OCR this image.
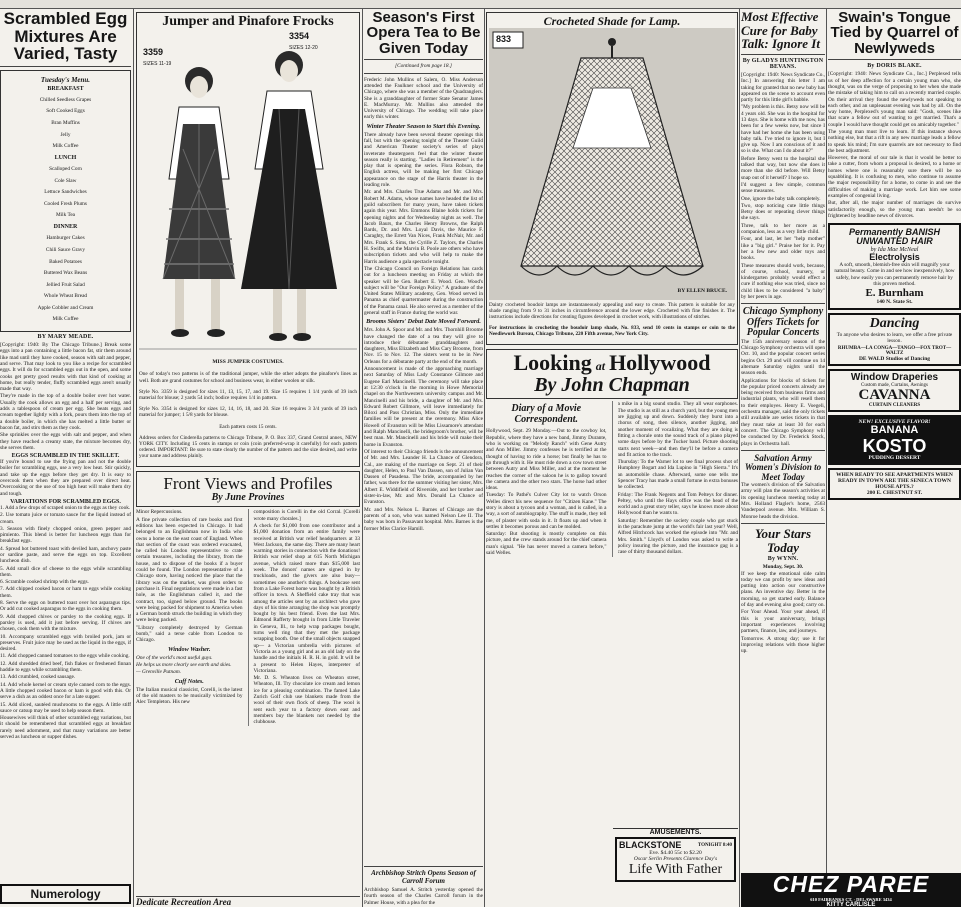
Scrambled Egg Mixtures Are Varied, Tasty
Tuesday's Menu.
BREAKFAST

Chilled Seedless Grapes

Soft Cooked Eggs

Bran Muffins

Jelly

Milk Coffee

LUNCH

Scalloped Corn

Cole Slaw

Lettuce Sandwiches

Cooled Fresh Plums

Milk Tea

DINNER

Hamburger Cakes

Chili Sauce Gravy

Baked Potatoes

Buttered Wax Beans

Jellied Fruit Salad

Whole Wheat Bread

Apple Cobbler and Cream

Milk Coffee

BY MARY MEADE.

[Copyright: 1940: By The Chicago Tribune.] Break some eggs into a pan containing a little bacon fat, stir them around like mad until they have cooked, season with salt and pepper, and serve. That may look to you like a recipe for scrambled eggs. It will do for scrambled eggs out in the open, and some cooks get pretty good results with that kind of cooking at home, but really tender, fluffy scrambled eggs aren't usually made that way.

They're made in the top of a double boiler over hot water. Usually the cook allows an egg and a half per serving, and adds a tablespoon of cream per egg. She beats eggs and cream together lightly with a fork, pours them into the top of a double boiler, in which she has melted a little butter or bacon fat, and stirs them as they cook.

She sprinkles over the eggs with salt and pepper, and when they have reached a creamy state, the mixture becomes dry, she serves them.

EGGS SCRAMBLED IN THE SKILLET.

If you're bound to use the frying pan and not the double boiler for scrambling eggs, use a very low heat. Stir quickly, and take up the eggs before they get dry. It is easy to overcook them when they are prepared over direct heat. Overcooking or the use of too high heat will make them dry and tough.

VARIATIONS FOR SCRAMBLED EGGS.

1. Add a few drops of scraped onion to the eggs as they cook.

2. Use tomato juice or tomato sauce for the liquid instead of cream.

3. Season with finely chopped onion, green pepper and pimiento. This blend is better for luncheon eggs than for breakfast eggs.

4. Spread hot buttered toast with deviled ham, anchovy paste or sardine paste, and serve the eggs on top. Excellent luncheon dish.

5. Add small dice of cheese to the eggs while scrambling them.

6. Scramble cooked shrimp with the eggs.

7. Add chipped cooked bacon or ham to eggs while cooking them.

8. Serve the eggs on buttered toast over hot asparagus tips. Or add cut cooked asparagus to the eggs in cooking them.

9. Add chopped chives or parsley to the cooking eggs. If parsley is used, add it just before serving. If chives are chosen, cook them with the mixture.

10. Accompany scrambled eggs with broiled pork, jam or preserves. Fruit juice may be used as the liquid in the eggs, if desired.

11. Add chopped canned tomatoes to the eggs while cooking.

12. Add shredded dried beef, fish flakes or freshened finnan haddie to eggs while scrambling them.

13. Add crumbled, cooked sausage.

14. Add whole kernel or cream style canned corn to the eggs. A little chopped cooked bacon or ham is good with this. Or serve a dish as an oddest once for a late supper.

15. Add sliced, sautéed mushrooms to the eggs. A little stiff sauce or catsup may be used to help season them.

Housewives will think of other scrambled egg variations, but it should be remembered that scrambled eggs at breakfast rarely need adornment, and that many variations are better served as luncheon or supper dishes.

Numerology
Jumper and Pinafore Frocks
3354
SIZES 12-20
3359
SIZES 11-19
MISS JUMPER COSTUMES.

One of today's two patterns is of the traditional jumper, while the other adopts the pinafore's lines as well. Both are grand costumes for school and business wear, in either woolen or silk.

Style No. 3359 is designed for sizes 11, 13, 15, 17, and 19. Size 15 requires 1 1/4 yards of 39 inch material for blouse; 2 yards 54 inch; bodice requires 1/4 in pattern.

Style No. 3354 is designed for sizes 12, 14, 16, 18, and 20. Size 16 requires 3 3/4 yards of 39 inch material for jumper; 1 5/8 yards for blouse.

Each pattern costs 15 cents.

Address orders for Cinderella patterns to Chicago Tribune, P. O. Box 337, Grand Central annex, NEW YORK CITY. Including 15 cents in stamps or coin (coin preferred-wrap it carefully) for each pattern ordered. IMPORTANT: Be sure to state clearly the number of the pattern and the size desired, and write your name and address plainly.

Front Views and Profiles
By June Provines

Minor Repercussions.

A fine private collection of rare books and first editions has been expected in Chicago. It had belonged to an Englishman now in India who owns a home on the east coast of England. When that section of the coast was ordered evacuated, he called his London representative to crate certain treasures, including the library, from the house, and to dispose of the books if a buyer could be found. The London representative of a Chicago store, having noticed the place that the library was on the market, was given orders to purchase it. Final negotiations were made in a fast hole, as the Englishman called it, and the contract, too, signed below ground. The books were being packed for shipment to America when a German bomb struck the building in which they were being packed.

"Library completely destroyed by German bomb," said a terse cable from London to Chicago.

Window Washer.

One of the world's most useful guys.

He helps us more clearly see earth and skies.

— Grenville Putnam.

Cuff Notes.

The Italian musical classicist, Corelli, is the latest of the old masters to be musically victimized by Alec Templeton. His new

composition is Corelli in the old Corral. [Corelli wrote many chorales.]

A check for $1,000 from one contributor and a $1,000 donation from an entire family were received at British war relief headquarters at 33 West Jackson, the same day. There are many heart warming stories in connection with the donations! British war relief shop at 615 North Michigan avenue, which raised more than $15,000 last week. The donors' names are signed in by truckloads, and the givers are also busy—sometimes one another's things. A bookcase sent from a Lake Forest home was bought by a British officer in town. A Sheffield cake tray that was among the articles sent by an architect who gave days of his time arranging the shop was promptly bought by his best friend. Even the last Mrs. Edmond Rafferty brought in from Little Traveler in Geneva, Ill., to help wrap packages bought, turns well ring that they met the package wrapping booth. One of the small objects snapped up— a Victorian umbrella with pictures of Victoria as a young girl and as an old lady on the handle and the initials H. R. H. in gold. It will be a present to Helen Hayes, interpreter of Victoriana.

Mr. D. S. Wheaton lives on Wheaton street, Wheaton, Ill. Try chocolate ice cream and lemon ice for a pleasing combination. The famed Lake Zurich Golf club use blankets made from the wool of their own flock of sheep. The wool is sent each year to a factory down east and members buy the blankets not needed by the clubhouse.

Dedicate Recreation Area
Season's First Opera Tea to Be Given Today
[Continued from page 18.]

Frederic John Mullins of Salem, O. Miss Anderson attended the Faulkner school and the University of Chicago, where she was a member of the Quadranglers. She is a granddaughter of former State Senator James E. MacMurray. Mr. Mullins also attended the University of Chicago. The wedding will take place early this winter.

Winter Theater Season to Start this Evening.

There already have been several theater openings this fall, but with the opening tonight of the Theater Guild and American Theater society's series of plays inveterate theatergoers feel that the winter theater season really is starting. "Ladies in Retirement" is the play that is opening the series. Flora Robson, the English actress, will be making her first Chicago appearance on the stage of the Harris theater in the leading role.

Mr. and Mrs. Charles True Adams and Mr. and Mrs. Robert M. Adams, whose names have headed the list of guild subscribers for many years, have taken tickets again this year. Mrs. Emmons Blaine holds tickets for opening nights and for Wednesday nights as well. The Jacob Baurs, the Charles Henry Browns, the Ralph Bards, Dr. and Mrs. Loyal Davis, the Maurice F. Caraghty, the Errett Van Nices, Frank McNair, Mr. and Mrs. Frank S. Sims, the Cyrille Z. Taylors, the Charles H. Swifts, and the Marvin B. Poole are others who have subscription tickets and who will help to make the Harris audience a gala spectacle tonight.

The Chicago Council on Foreign Relations has cards out for a luncheon meeting on Friday at which the speaker will be Gen. Robert E. Wood. Gen. Wood's subject will be "Our Foreign Policy." A graduate of the United States Military academy, Gen. Wood served in Panama as chief quartermaster during the construction of the Panama canal. He also served as a member of the general staff in France during the world war.

Brooms Sisters' Debut Date Moved Forward.

Mrs. John A. Spoor and Mr. and Mrs. Thornhill Broome have changed the date of a tea they will give to introduce their débutante granddaughters and daughters, Miss Elizabeth and Miss Cary Broome, from Nov. 15 to Nov. 12. The sisters went to be in New Orleans for a débutante party at the end of the month.

Announcement is made of the approaching marriage next Saturday of Miss Lady Constance Gilmore and Eugene Earl Mancinelli. The ceremony will take place at 12:30 o'clock in the morning in Howe Memorial chapel on the Northwestern university campus and Mr. Mancinelli and his bride, a daughter of Mr. and Mrs. Edward Robert Gillmore, will leave immediately for Biloxi and Pass Christian, Miss. Only the immediate families will be present at the ceremony. Miss Alice Howell of Evanston will be Miss Lissamore's attendant and Ralph Mancinelli, the bridegroom's brother, will be best man. Mr. Mancinelli and his bride will make their home in Evanston.

Of interest to their Chicago friends is the announcement of Mr. and Mrs. Leander H. La Chance of Glendora, Cal., are making of the marriage on Sept. 21 of their daughter, Helen, to Paul Van Dassen, son of Julian Van Dassen of Pasadena. The bride, accompanied by her father, was there for the summer visiting her sister, Mrs. Albert E. Widdifield of Riverside, and her brother and sister-in-law, Mr. and Mrs. Donald La Chance of Evanston.

Mr. and Mrs. Nelson L. Barnes of Chicago are the parents of a son, who was named Nelson Lee II. The baby was born in Passavant hospital. Mrs. Barnes is the former Miss Clarice Hamill.

Archbishop Stritch Opens Season of Carroll Forum

Archbishop Samuel A. Stritch yesterday opened the fourth season of the Charles Carroll forum in the Palmer House, with a plea for the

Crocheted Shade for Lamp.
833
BY ELLEN BRUCE.

Dainty crocheted boudoir lamps are instantaneously appealing and easy to create. This pattern is suitable for any shade ranging from 9 to 31 inches in circumference around the lower edge. Crocheted with fine finishes it. The instructions include directions for creating figures developed in crochet work, with illustrations of stitches.

For instructions in crocheting the boudoir lamp shade, No. 833, send 10 cents in stamps or coin to the Needlework Bureau, Chicago Tribune, 220 Fifth avenue, New York City.

Looking at Hollywood
By John Chapman
Diary of a Movie Correspondent.

Hollywood, Sept. 29 Monday.—Out to the cowboy lot, Republic, where they have a new band, Jimmy Durante, who is working on "Melody Ranch" with Gene Autry and Ann Miller. Jimmy confesses he is terrified at the thought of having to ride a horse; but finally he has to go through with it. He must ride down a cow town street between Autry and Miss Miller, and at the moment he reaches the corner of the saloon he is to gallop toward the camera and the other two stars. The horse had other ideas.

Tuesday: To Pathé's Culver City lot to watch Orson Welles direct his new sequence for "Citizen Kane." The story is about a tycoon and a woman, and is called, in a way, a sort of autobiography. The stuff is made, they tell me, of plaster with soda in it. It floats up and when it settles it becomes porous and can be molded.

Saturday: But shooting is mostly complete on this picture, and the crew stands around for the chief camera man's signal. "He has never moved a camera before," said Welles.

a mike in a big sound studio. They all wear earphones. The studio is as still as a church yard, but the young men are jigging up and down. Suddenly they burst into a chorus of song, then silence, another jigging, and another moment of vocalizing. What they are doing is fitting a chorale onto the sound track of a piano played some days before by the Tucker band. Picture shooting starts next week—and then they'll be before a camera and fit action to the track.

Thursday: To the Warner lot to see final process shot of Humphrey Bogart and Ida Lupino in "High Sierra." It's an automobile chase. Afterward, some one tells me Spencer Tracy has made a small fortune in extra bonuses he collected.

Friday: The Frank Negents and Tom Pelteys for dinner. Peltey, who until the Hays office was the head of the world and a great story teller, says he knows more about Hollywood than he wants to.

Saturday: Remember the society couple who got stuck in the parachute jump at the world's fair last year? Well, Alfred Hitchcock has worked the episode into "Mr. and Mrs. Smith." Lloyd's of London was asked to write a policy insuring the picture, and the insurance gag is a case of thirty thousand dollars.

AMUSEMENTS.
BLACKSTONE	TONIGHT 8:40
Eve. $4.40 55c to $2.20
Oscar Serlin Presents Clarence Day's
Life With Father
Most Effective Cure for Baby Talk: Ignore It
By GLADYS HUNTINGTON BEVANS.

[Copyright: 1940: News Syndicate Co., Inc.] In answering this letter I am taking for granted that no new baby has appeared on the scene to account even partly for this little girl's babble.

"My problem is this. Betsy now will be 4 years old. She was in the hospital for 13 days. She is home with me now, has been for a few weeks now, but since I have had her home she has been using baby talk. I've tried to ignore it, but I give up. Now I am conscious of it and so is she. What can I do about it?"

Before Betsy went to the hospital she talked that way, but now she does it more than she did before. Will Betsy snap out of it herself? I hope so.

I'd suggest a few simple, common sense measures.

One, ignore the baby talk completely.

Two, stop noticing cute little things Betsy does or repeating clever things she says.

Three, talk to her more as a companion, less as a very little child.

Four, and last, let her "help mother" like a "big girl." Praise her for it. Pay her a few new and older toys and books.

These measures should work, because, of course, school, nursery, or kindergarten probably would effect a cure if nothing else was tried, since no child likes to be considered "a baby" by her peers in age.

Chicago Symphony Offers Tickets for Popular Concerts

The 15th anniversary season of the Chicago Symphony orchestra will open Oct. 10, and the popular concert series begins Oct. 29 and will continue on 14 alternate Saturday nights until the season ends.

Applications for blocks of tickets for the popular priced concerts already are being received from business firms and industrial plants, who will resell them to their employes. Henry E. Voegeli, orchestra manager, said the only tickets still available are series tickets in that they must take at least 30 for each concert. The Chicago Symphony will be conducted by Dr. Frederick Stock, plays in Orchestra hall.

Salvation Army Women's Division to Meet Today

The women's division of the Salvation army will plan the season's activities at its opening luncheon meeting today at Mrs. Holland Flagler's home, 2563 Vanderpool avenue. Mrs. William S. Monroe heads the division.

Your Stars Today
By WYNN.
Monday, Sept. 30.

If we keep the emotional side calm today we can profit by new ideas and putting into action our constructive plans. An inventive day. Better in the morning, so get started early. Balance of day and evening also good; carry on.

For Your Ahead. Your year ahead, if this is your anniversary, brings important experiences involving partners, finance, law, and journeys.

Tomorrow. A strong day; use it for improving relations with those higher up.

Swain's Tongue Tied by Quarrel of Newlyweds
By DORIS BLAKE.

[Copyright: 1940: News Syndicate Co., Inc.] Perplexed tells us of her deep affection for a certain young man who, she thought, was on the verge of proposing to her when she made the mistake of taking him to call on a recently married couple. On their arrival they found the newlyweds not speaking to each other, and an unpleasant evening was had by all. On the way home, Perplexed's young man said: "Gosh, scenes like that scare a fellow out of wanting to get married. That's a couple I would have thought could get on amicably together."

The young man must live to learn. If this instance shows nothing else, but that a rift in any new marriage leads a fellow to speak his mind; I'm sure quarrels are not necessary to find the best adjustment.

However, the moral of our tale is that it would be better to take a cutter, from whom a proposal is desired, to a home or homes where one is reasonably sure there will be no squabbling. It is confusing to men, who continue to assume the major responsibility for a home, to come in and see the difficulties of making a marriage work. Let him see some examples of congenial living.

But, after all, the major number of marriages do survive satisfactorily enough, so the young man needn't be so frightened by headline news of divorces.

Permanently BANISH UNWANTED HAIR
by Ida Mae McNeal
Electrolysis
A soft, smooth, blemish-free skin will magnify your natural beauty. Come in and see how inexpensively, how safely, how easily you can permanently remove hair by this proven method.
E. Burnham
140 N. State St.
Dancing
To anyone who desires to learn, we offer a free private lesson.
RHUMBA—LA CONGA—TANGO—FOX TROT—WALTZ
DE WALD Studios of Dancing
Window Draperies
Custom made, Curtains, Awnings
CAVANNA
CURTAIN CLEANERS
NEW! EXCLUSIVE FLAVOR!
BANANA
KOSTO
PUDDING DESSERT
WHEN READY TO SEE APARTMENTS WHEN READY IN TOWN ARE THE SENECA TOWN HOUSE APTS.?
200 E. CHESTNUT ST.
CHEZ PAREE
610 FAIRBANKS CT. · DELAWARE 3434
KITTY CARLISLE
